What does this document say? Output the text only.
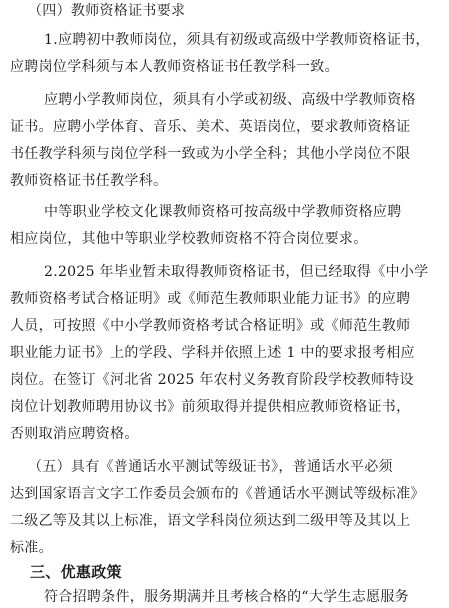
（四）教师资格证书要求
1.应聘初中教师岗位，须具有初级或高级中学教师资格证书，
应聘岗位学科须与本人教师资格证书任教学科一致。
应聘小学教师岗位，须具有小学或初级、高级中学教师资格
证书。应聘小学体育、音乐、美术、英语岗位，要求教师资格证
书任教学科须与岗位学科一致或为小学全科；其他小学岗位不限
教师资格证书任教学科。
中等职业学校文化课教师资格可按高级中学教师资格应聘
相应岗位，其他中等职业学校教师资格不符合岗位要求。
2.2025 年毕业暂未取得教师资格证书，但已经取得《中小学
教师资格考试合格证明》或《师范生教师职业能力证书》的应聘
人员，可按照《中小学教师资格考试合格证明》或《师范生教师
职业能力证书》上的学段、学科并依照上述 1 中的要求报考相应
岗位。在签订《河北省 2025 年农村义务教育阶段学校教师特设
岗位计划教师聘用协议书》前须取得并提供相应教师资格证书，
否则取消应聘资格。
（五）具有《普通话水平测试等级证书》，普通话水平必须
达到国家语言文字工作委员会颁布的《普通话水平测试等级标准》
二级乙等及其以上标准，语文学科岗位须达到二级甲等及其以上
标准。
三、优惠政策
符合招聘条件，服务期满并且考核合格的“大学生志愿服务
